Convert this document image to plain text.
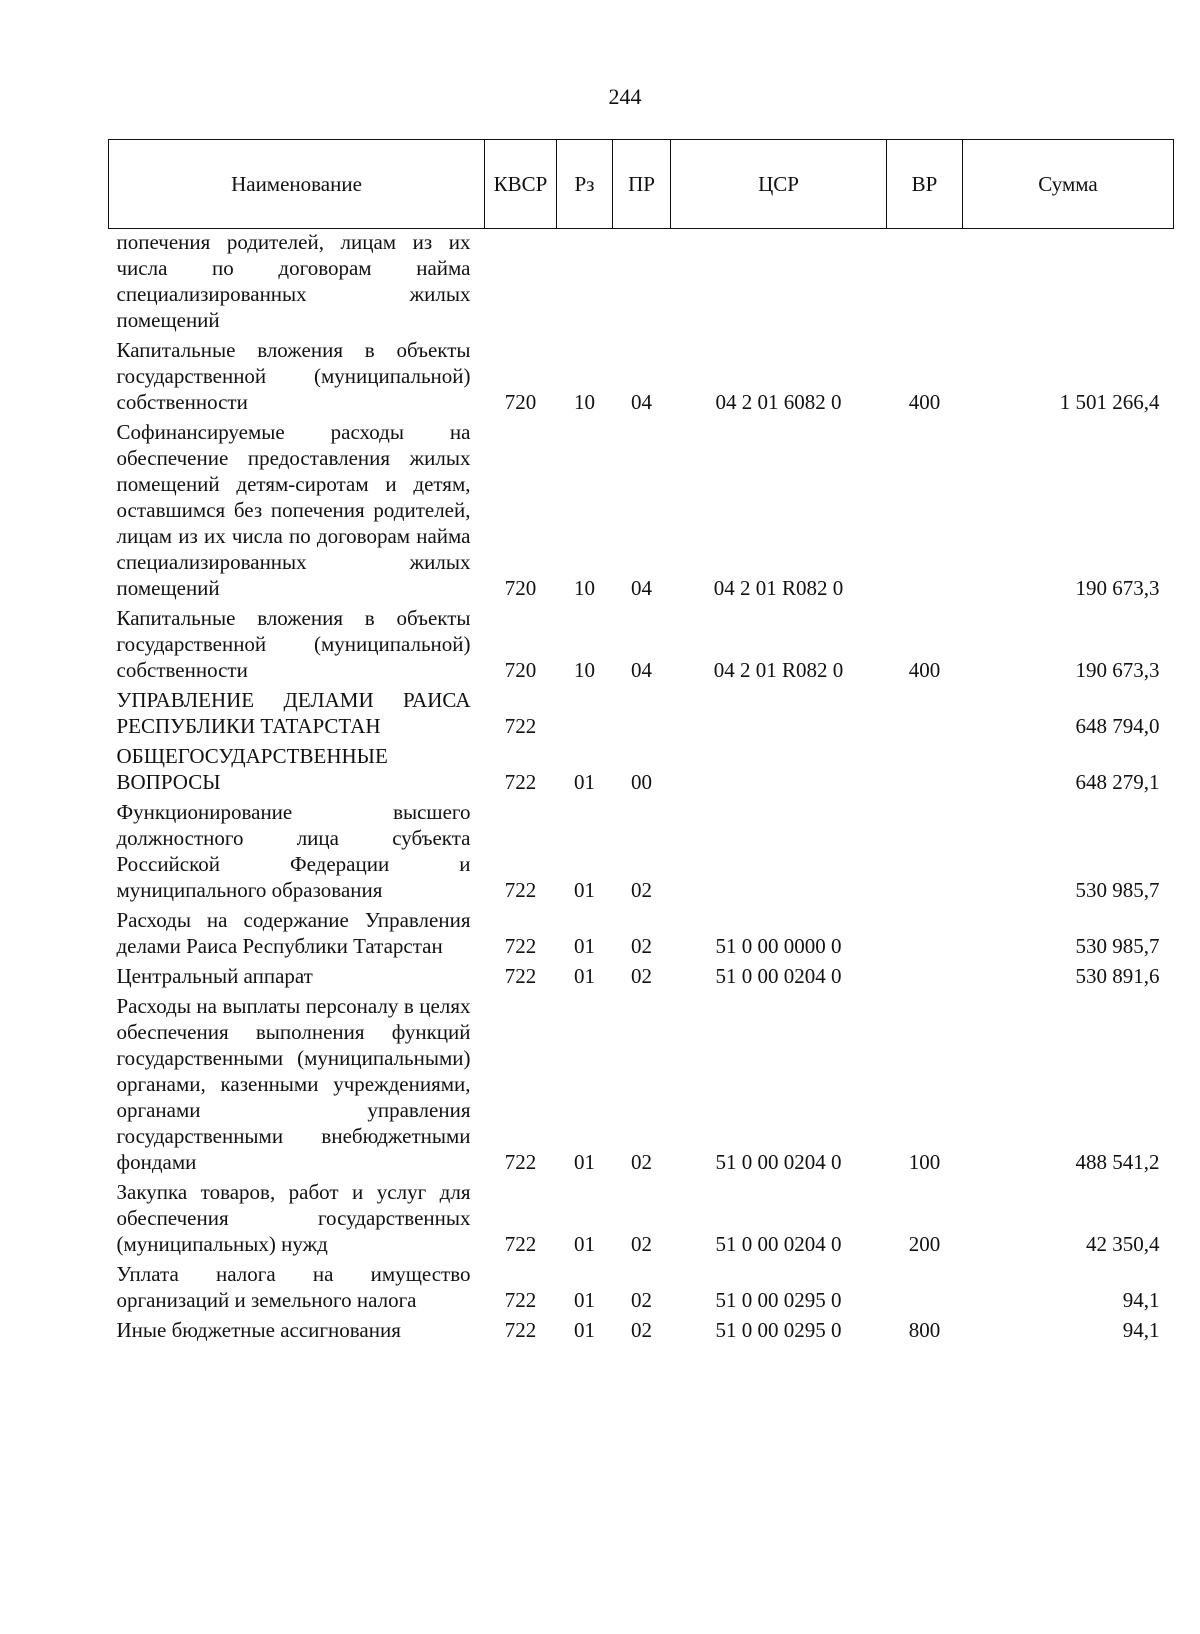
244
Наименование	КВСР	Рз	ПР	ЦСР	ВР	Сумма
попечения родителей, лицам из их числа по договорам найма специализированных жилых помещений						
Капитальные вложения в объекты государственной (муниципальной) собственности	720	10	04	04 2 01 6082 0	400	1 501 266,4
Софинансируемые расходы на обеспечение предоставления жилых помещений детям-сиротам и детям, оставшимся без попечения родителей, лицам из их числа по договорам найма специализированных жилых помещений	720	10	04	04 2 01 R082 0		190 673,3
Капитальные вложения в объекты государственной (муниципальной) собственности	720	10	04	04 2 01 R082 0	400	190 673,3
УПРАВЛЕНИЕ ДЕЛАМИ РАИСА РЕСПУБЛИКИ ТАТАРСТАН	722					648 794,0
ОБЩЕГОСУДАРСТВЕННЫЕ ВОПРОСЫ	722	01	00			648 279,1
Функционирование высшего должностного лица субъекта Российской Федерации и муниципального образования	722	01	02			530 985,7
Расходы на содержание Управления делами Раиса Республики Татарстан	722	01	02	51 0 00 0000 0		530 985,7
Центральный аппарат	722	01	02	51 0 00 0204 0		530 891,6
Расходы на выплаты персоналу в целях обеспечения выполнения функций государственными (муниципальными) органами, казенными учреждениями, органами управления государственными внебюджетными фондами	722	01	02	51 0 00 0204 0	100	488 541,2
Закупка товаров, работ и услуг для обеспечения государственных (муниципальных) нужд	722	01	02	51 0 00 0204 0	200	42 350,4
Уплата налога на имущество организаций и земельного налога	722	01	02	51 0 00 0295 0		94,1
Иные бюджетные ассигнования	722	01	02	51 0 00 0295 0	800	94,1
